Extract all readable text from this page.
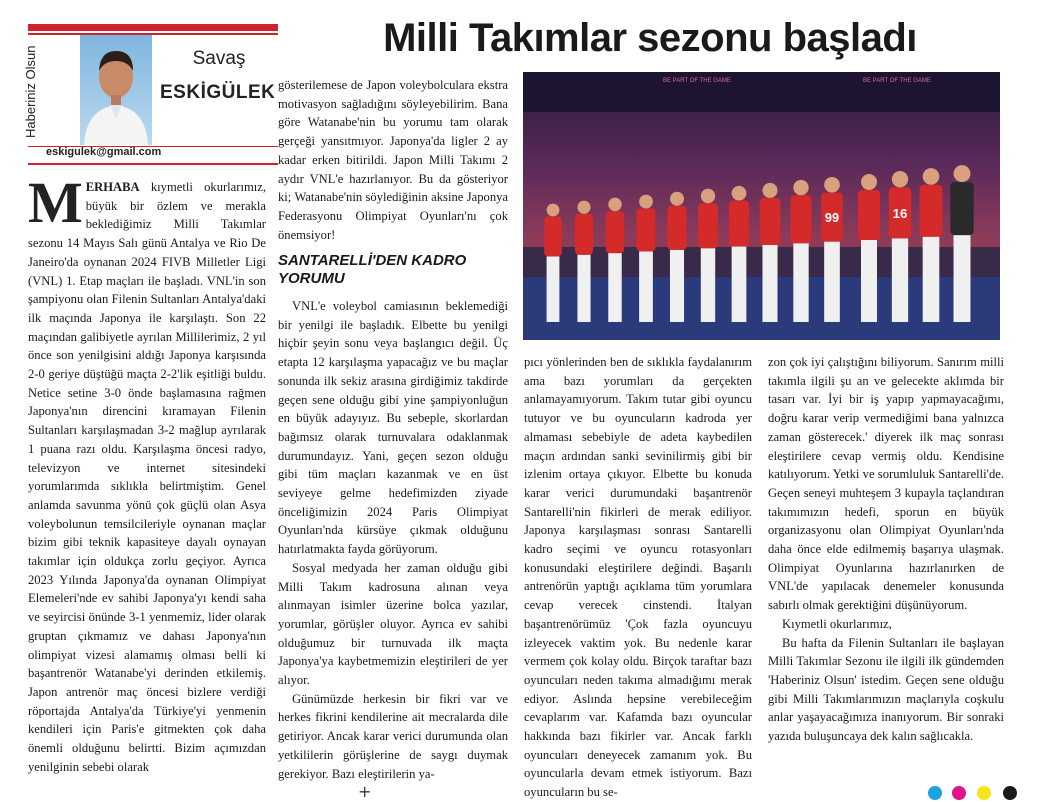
Haberiniz Olsun	Savaş
ESKİGÜLEK
eskigulek@gmail.com
Milli Takımlar sezonu başladı
BE PART OF THE GAME	BE PART OF THE GAME
99	16

MERHABA kıymetli okurlarımız, büyük bir özlem ve merakla beklediğimiz Milli Takımlar sezonu 14 Mayıs Salı günü Antalya ve Rio De Janeiro'da oynanan 2024 FIVB Milletler Ligi (VNL) 1. Etap maçları ile başladı. VNL'in son şampiyonu olan Filenin Sultanları Antalya'daki ilk maçında Japonya ile karşılaştı. Son 22 maçından galibiyetle ayrılan Millilerimiz, 2 yıl önce son yenilgisini aldığı Japonya karşısında 2-0 geriye düştüğü maçta 2-2'lik eşitliği buldu. Netice setine 3-0 önde başlamasına rağmen Japonya'nın direncini kıramayan Filenin Sultanları karşılaşmadan 3-2 mağlup ayrılarak 1 puana razı oldu. Karşılaşma öncesi radyo, televizyon ve internet sitesindeki yorumlarımda sıklıkla belirtmiştim. Genel anlamda savunma yönü çok güçlü olan Asya voleybolunun temsilcileriyle oynanan maçlar bizim gibi teknik kapasiteye dayalı oynayan takımlar için oldukça zorlu geçiyor. Ayrıca 2023 Yılında Japonya'da oynanan Olimpiyat Elemeleri'nde ev sahibi Japonya'yı kendi saha ve seyircisi önünde 3-1 yenmemiz, lider olarak gruptan çıkmamız ve dahası Japonya'nın olimpiyat vizesi alamamış olması belli ki başantrenör Watanabe'yi derinden etkilemiş. Japon antrenör maç öncesi bizlere verdiği röportajda Antalya'da Türkiye'yi yenmenin kendileri için Paris'e gitmekten çok daha önemli olduğunu belirtti. Bizim açımızdan yenilginin sebebi olarak

gösterilemese de Japon voleybolculara ekstra motivasyon sağladığını söyleyebilirim. Bana göre Watanabe'nin bu yorumu tam olarak gerçeği yansıtmıyor. Japonya'da ligler 2 ay kadar erken bitirildi. Japon Milli Takımı 2 aydır VNL'e hazırlanıyor. Bu da gösteriyor ki; Watanabe'nin söylediğinin aksine Japonya Federasyonu Olimpiyat Oyunları'nı çok önemsiyor!

SANTARELLİ'DEN KADRO YORUMU

VNL'e voleybol camiasının beklemediği bir yenilgi ile başladık. Elbette bu yenilgi hiçbir şeyin sonu veya başlangıcı değil. Üç etapta 12 karşılaşma yapacağız ve bu maçlar sonunda ilk sekiz arasına girdiğimiz takdirde geçen sene olduğu gibi yine şampiyonluğun en büyük adayıyız. Bu sebeple, skorlardan bağımsız olarak turnuvalara odaklanmak durumundayız. Yani, geçen sezon olduğu gibi tüm maçları kazanmak ve en üst seviyeye gelme hedefimizden ziyade önceliğimizin 2024 Paris Olimpiyat Oyunları'nda kürsüye çıkmak olduğunu hatırlatmakta fayda görüyorum.

Sosyal medyada her zaman olduğu gibi Milli Takım kadrosuna alınan veya alınmayan isimler üzerine bolca yazılar, yorumlar, görüşler oluyor. Ayrıca ev sahibi olduğumuz bir turnuvada ilk maçta Japonya'ya kaybetmemizin eleştirileri de yer alıyor.

Günümüzde herkesin bir fikri var ve herkes fikrini kendilerine ait mecralarda dile getiriyor. Ancak karar verici durumunda olan yetkililerin görüşlerine de saygı duymak gerekiyor. Bazı eleştirilerin ya-

pıcı yönlerinden ben de sıklıkla faydalanırım ama bazı yorumları da gerçekten anlamayamıyorum. Takım tutar gibi oyuncu tutuyor ve bu oyuncuların kadroda yer almaması sebebiyle de adeta kaybedilen maçın ardından sanki sevinilirmiş gibi bir izlenim ortaya çıkıyor. Elbette bu konuda karar verici durumundaki başantrenör Santarelli'nin fikirleri de merak ediliyor. Japonya karşılaşması sonrası Santarelli kadro seçimi ve oyuncu rotasyonları konusundaki eleştirilere değindi. Başarılı antrenörün yaptığı açıklama tüm yorumlara cevap verecek cinstendi. İtalyan başantrenörümüz 'Çok fazla oyuncuyu izleyecek vaktim yok. Bu nedenle karar vermem çok kolay oldu. Birçok taraftar bazı oyuncuları neden takıma almadığımı merak ediyor. Aslında hepsine verebileceğim cevaplarım var. Kafamda bazı oyuncular hakkında bazı fikirler var. Ancak farklı oyuncuları deneyecek zamanım yok. Bu oyuncularla devam etmek istiyorum. Bazı oyuncuların bu se-

zon çok iyi çalıştığını biliyorum. Sanırım milli takımla ilgili şu an ve gelecekte aklımda bir tasarı var. İyi bir iş yapıp yapmayacağımı, doğru karar verip vermediğimi bana yalnızca zaman gösterecek.' diyerek ilk maç sonrası eleştirilere cevap vermiş oldu. Kendisine katılıyorum. Yetki ve sorumluluk Santarelli'de. Geçen seneyi muhteşem 3 kupayla taçlandıran takımımızın hedefi, sporun en büyük organizasyonu olan Olimpiyat Oyunları'nda daha önce elde edilmemiş başarıya ulaşmak. Olimpiyat Oyunlarına hazırlanırken de VNL'de yapılacak denemeler konusunda sabırlı olmak gerektiğini düşünüyorum.

Kıymetli okurlarımız,

Bu hafta da Filenin Sultanları ile başlayan Milli Takımlar Sezonu ile ilgili ilk gündemden 'Haberiniz Olsun' istedim. Geçen sene olduğu gibi Milli Takımlarımızın maçlarıyla coşkulu anlar yaşayacağımıza inanıyorum. Bir sonraki yazıda buluşuncaya dek kalın sağlıcakla.

+
